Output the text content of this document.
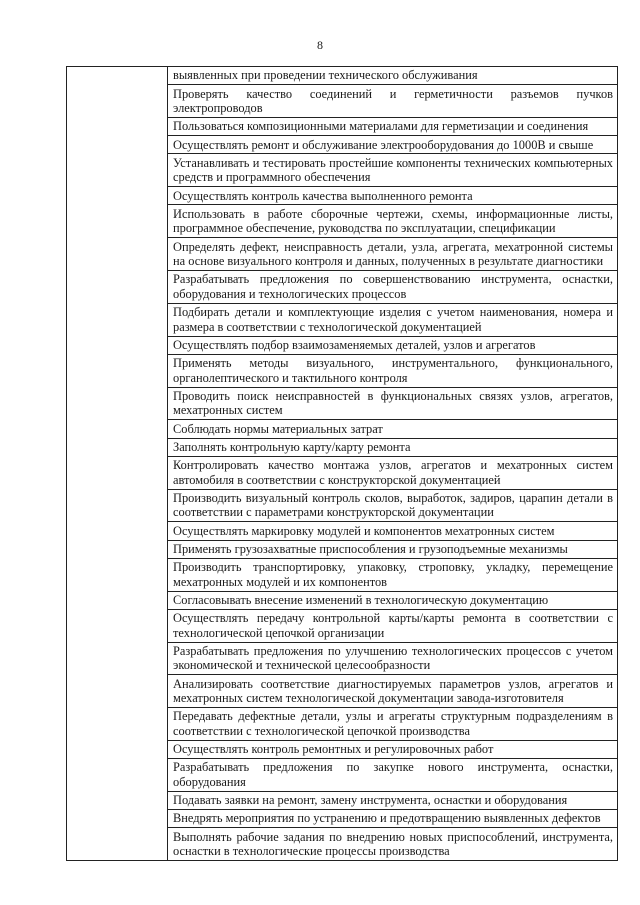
8
выявленных при проведении технического обслуживания
Проверять качество соединений и герметичности разъемов пучков электропроводов
Пользоваться композиционными материалами для герметизации и соединения
Осуществлять ремонт и обслуживание электрооборудования до 1000В и свыше
Устанавливать и тестировать простейшие компоненты технических компьютерных средств и программного обеспечения
Осуществлять контроль качества выполненного ремонта
Использовать в работе сборочные чертежи, схемы, информационные листы, программное обеспечение, руководства по эксплуатации, спецификации
Определять дефект, неисправность детали, узла, агрегата, мехатронной системы на основе визуального контроля и данных, полученных в результате диагностики
Разрабатывать предложения по совершенствованию инструмента, оснастки, оборудования и технологических процессов
Подбирать детали и комплектующие изделия с учетом наименования, номера и размера в соответствии с технологической документацией
Осуществлять подбор взаимозаменяемых деталей, узлов и агрегатов
Применять методы визуального, инструментального, функционального, органолептического и тактильного контроля
Проводить поиск неисправностей в функциональных связях узлов, агрегатов, мехатронных систем
Соблюдать нормы материальных затрат
Заполнять контрольную карту/карту ремонта
Контролировать качество монтажа узлов, агрегатов и мехатронных систем автомобиля в соответствии с конструкторской документацией
Производить визуальный контроль сколов, выработок, задиров, царапин детали в соответствии с параметрами конструкторской документации
Осуществлять маркировку модулей и компонентов мехатронных систем
Применять грузозахватные приспособления и грузоподъемные механизмы
Производить транспортировку, упаковку, строповку, укладку, перемещение мехатронных модулей и их компонентов
Согласовывать внесение изменений в технологическую документацию
Осуществлять передачу контрольной карты/карты ремонта в соответствии с технологической цепочкой организации
Разрабатывать предложения по улучшению технологических процессов с учетом экономической и технической целесообразности
Анализировать соответствие диагностируемых параметров узлов, агрегатов и мехатронных систем технологической документации завода-изготовителя
Передавать дефектные детали, узлы и агрегаты структурным подразделениям в соответствии с технологической цепочкой производства
Осуществлять контроль ремонтных и регулировочных работ
Разрабатывать предложения по закупке нового инструмента, оснастки, оборудования
Подавать заявки на ремонт, замену инструмента, оснастки и оборудования
Внедрять мероприятия по устранению и предотвращению выявленных дефектов
Выполнять рабочие задания по внедрению новых приспособлений, инструмента, оснастки в технологические процессы производства
